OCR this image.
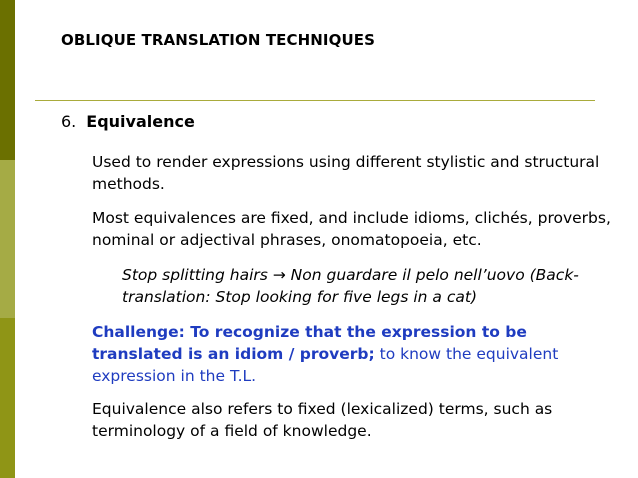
OBLIQUE TRANSLATION TECHNIQUES
6. Equivalence

Used to render expressions using different stylistic and structural methods.

Most equivalences are fixed, and include idioms, clichés, proverbs, nominal or adjectival phrases, onomatopoeia, etc.

Stop splitting hairs → Non guardare il pelo nell’uovo (Back-translation: Stop looking for five legs in a cat)

Challenge: To recognize that the expression to be translated is an idiom / proverb; to know the equivalent expression in the T.L.

Equivalence also refers to fixed (lexicalized) terms, such as terminology of a field of knowledge.
